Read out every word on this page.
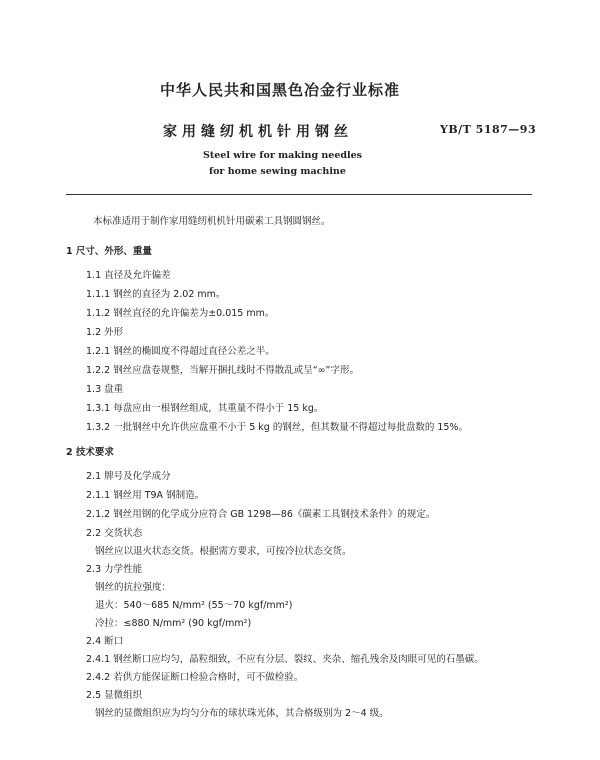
中华人民共和国黑色冶金行业标准
家用缝纫机机针用钢丝	YB/T 5187—93
Steel wire for making needles
for home sewing machine
本标准适用于制作家用缝纫机机针用碳素工具钢圆钢丝。
1 尺寸、外形、重量
1.1 直径及允许偏差
1.1.1 钢丝的直径为 2.02 mm。
1.1.2 钢丝直径的允许偏差为±0.015 mm。
1.2 外形
1.2.1 钢丝的椭圆度不得超过直径公差之半。
1.2.2 钢丝应盘卷规整，当解开捆扎线时不得散乱或呈“∞”字形。
1.3 盘重
1.3.1 每盘应由一根钢丝组成，其重量不得小于 15 kg。
1.3.2 一批钢丝中允许供应盘重不小于 5 kg 的钢丝，但其数量不得超过每批盘数的 15%。
2 技术要求
2.1 牌号及化学成分
2.1.1 钢丝用 T9A 钢制造。
2.1.2 钢丝用钢的化学成分应符合 GB 1298—86《碳素工具钢技术条件》的规定。
2.2 交货状态
钢丝应以退火状态交货。根据需方要求，可按冷拉状态交货。
2.3 力学性能
钢丝的抗拉强度：
退火：540～685 N/mm² (55～70 kgf/mm²)
冷拉：≤880 N/mm² (90 kgf/mm²)
2.4 断口
2.4.1 钢丝断口应均匀，晶粒细致，不应有分层、裂纹、夹杂、缩孔残余及肉眼可见的石墨碳。
2.4.2 若供方能保证断口检验合格时，可不做检验。
2.5 显微组织
钢丝的显微组织应为均匀分布的球状珠光体，其合格级别为 2～4 级。
